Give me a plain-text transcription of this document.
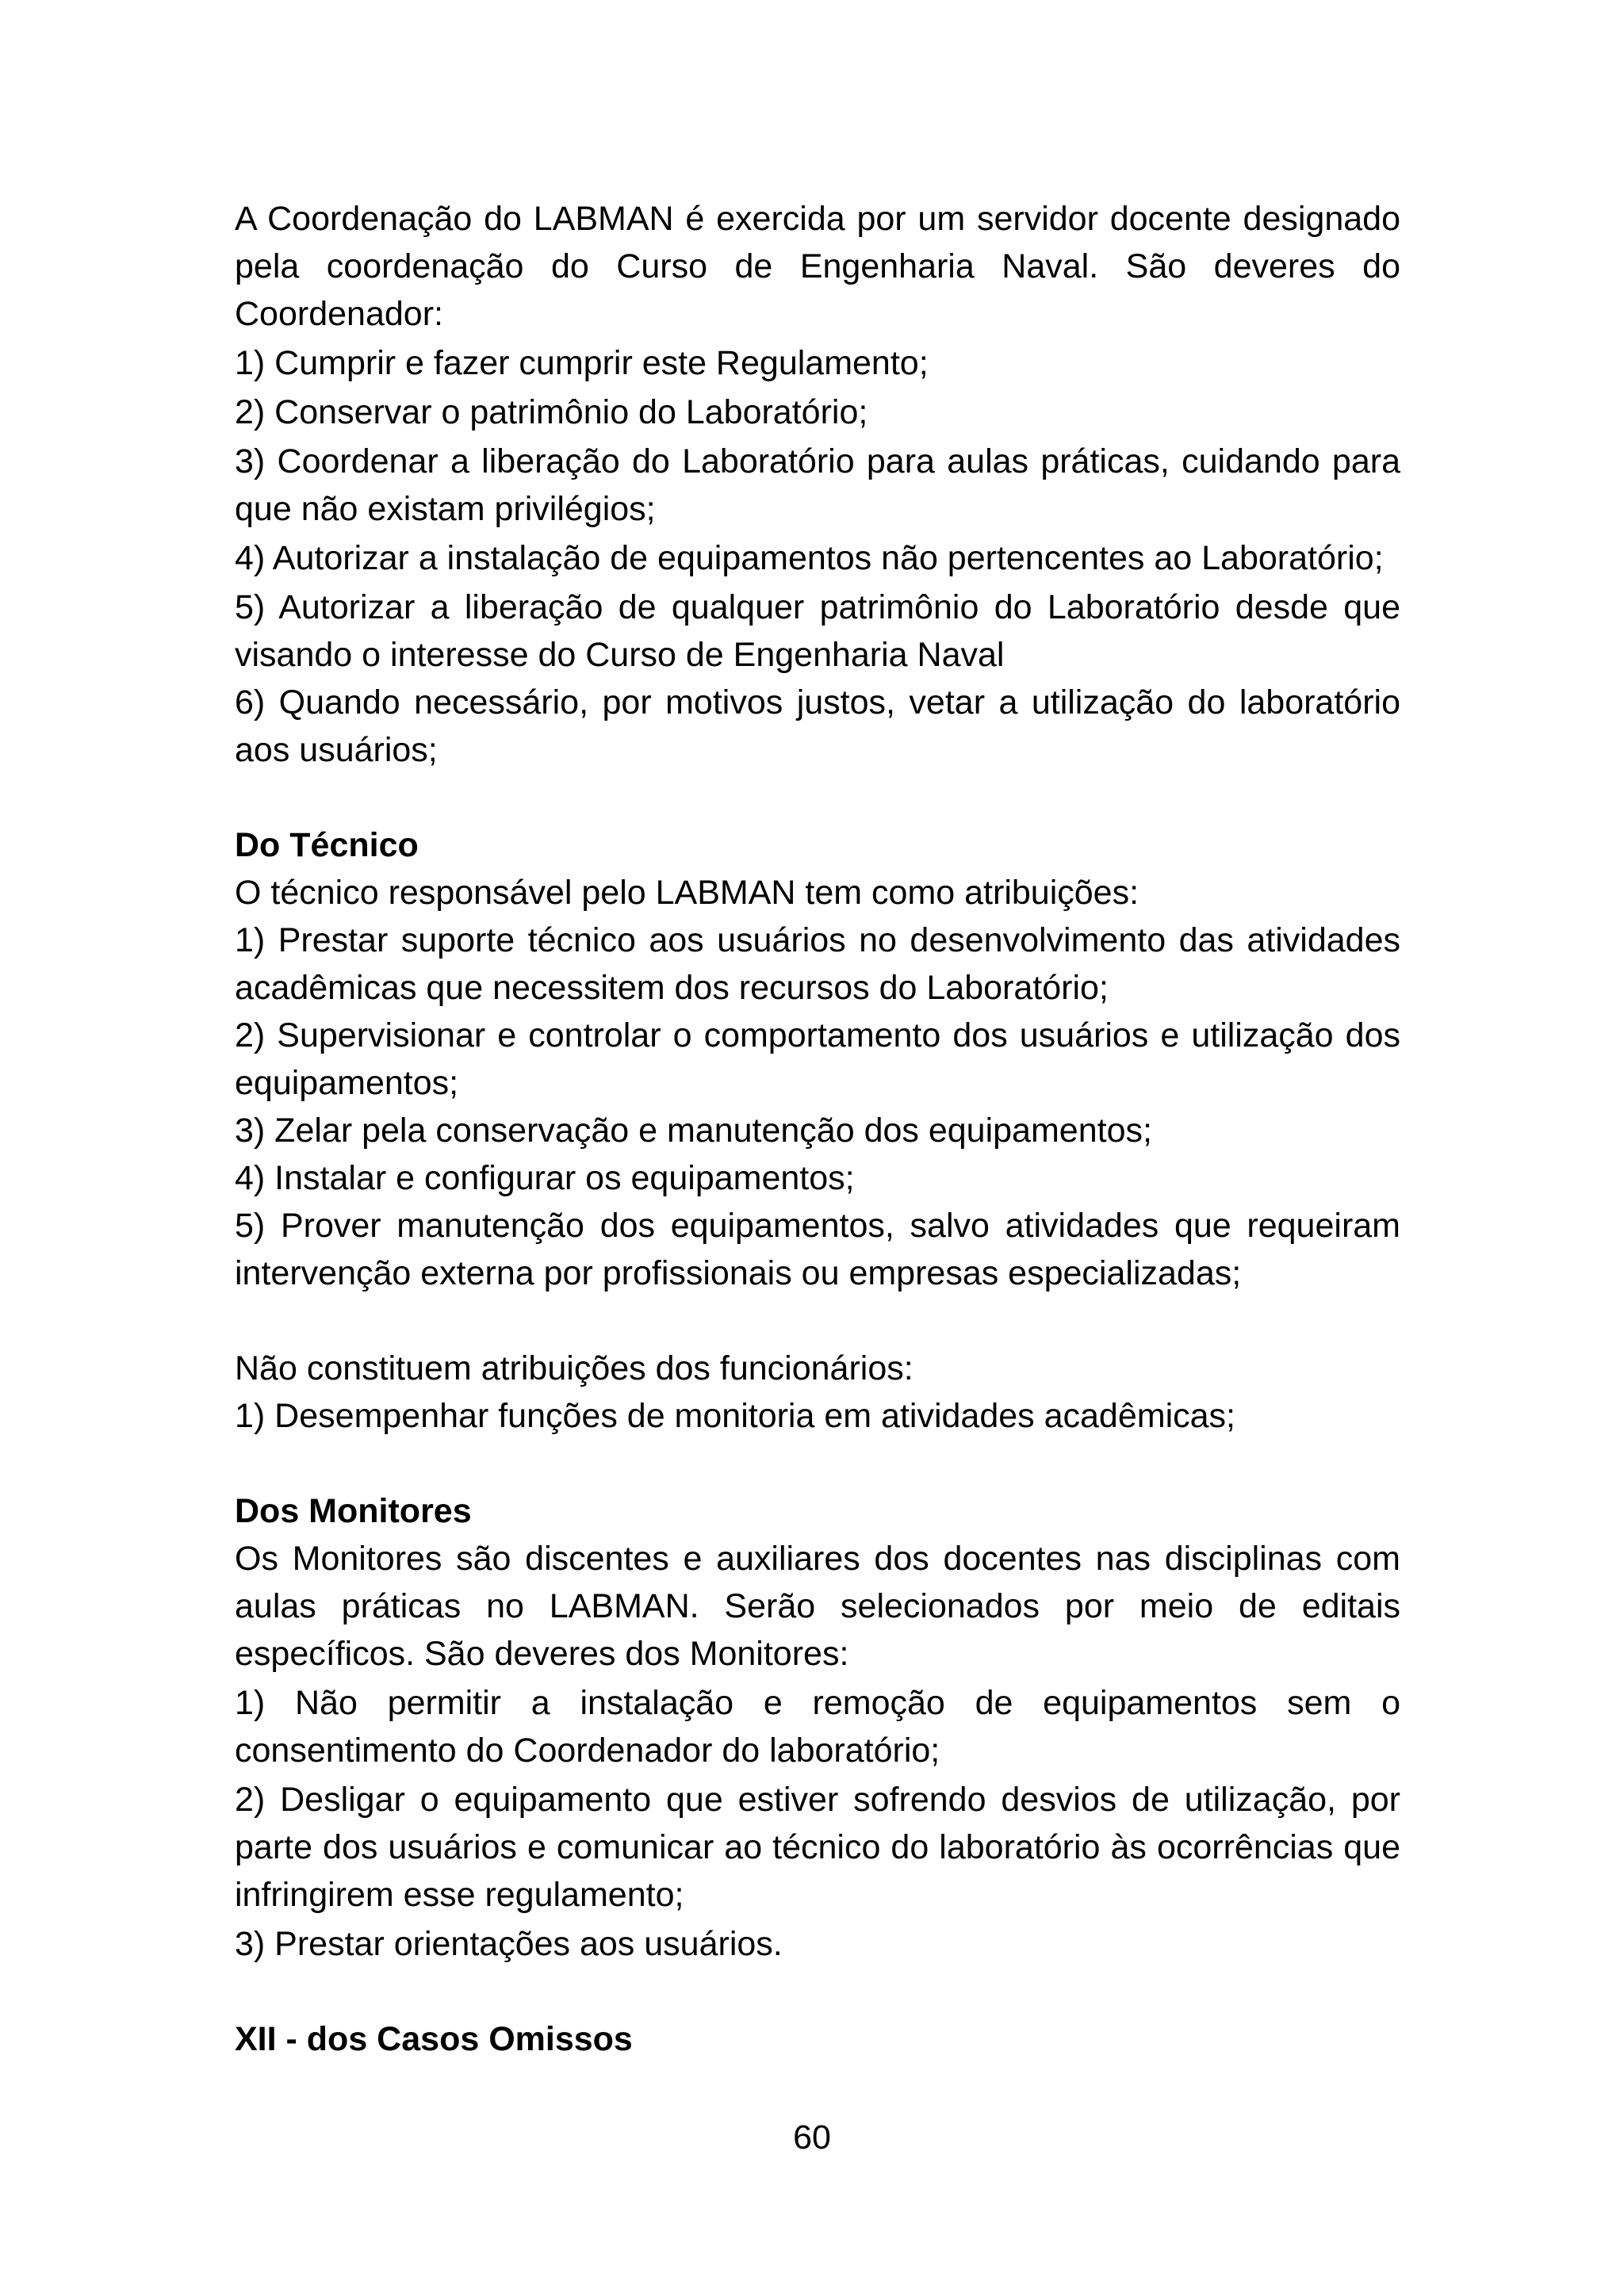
A Coordenação do LABMAN é exercida por um servidor docente designado pela coordenação do Curso de Engenharia Naval. São deveres do Coordenador:

1) Cumprir e fazer cumprir este Regulamento;

2) Conservar o patrimônio do Laboratório;

3) Coordenar a liberação do Laboratório para aulas práticas, cuidando para que não existam privilégios;

4) Autorizar a instalação de equipamentos não pertencentes ao Laboratório;

5) Autorizar a liberação de qualquer patrimônio do Laboratório desde que visando o interesse do Curso de Engenharia Naval

6) Quando necessário, por motivos justos, vetar a utilização do laboratório aos usuários;

Do Técnico

O técnico responsável pelo LABMAN tem como atribuições:

1) Prestar suporte técnico aos usuários no desenvolvimento das atividades acadêmicas que necessitem dos recursos do Laboratório;

2) Supervisionar e controlar o comportamento dos usuários e utilização dos equipamentos;

3) Zelar pela conservação e manutenção dos equipamentos;

4) Instalar e configurar os equipamentos;

5) Prover manutenção dos equipamentos, salvo atividades que requeiram intervenção externa por profissionais ou empresas especializadas;

Não constituem atribuições dos funcionários:

1) Desempenhar funções de monitoria em atividades acadêmicas;

Dos Monitores

Os Monitores são discentes e auxiliares dos docentes nas disciplinas com aulas práticas no LABMAN. Serão selecionados por meio de editais específicos. São deveres dos Monitores:

1) Não permitir a instalação e remoção de equipamentos sem o consentimento do Coordenador do laboratório;

2) Desligar o equipamento que estiver sofrendo desvios de utilização, por parte dos usuários e comunicar ao técnico do laboratório às ocorrências que infringirem esse regulamento;

3) Prestar orientações aos usuários.

XII - dos Casos Omissos

60
